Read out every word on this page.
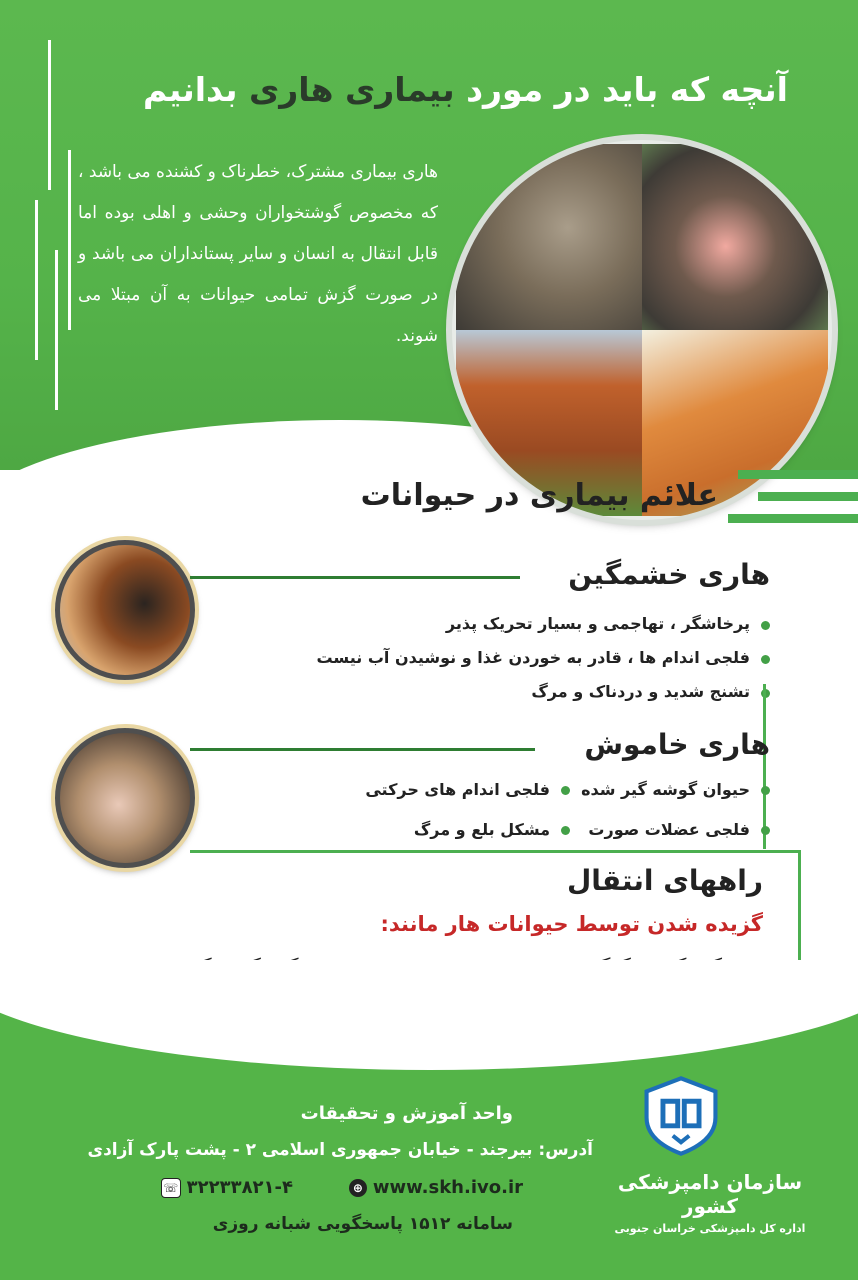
آنچه که باید در مورد بیماری هاری بدانیم

هاری بیماری مشترک، خطرناک و کشنده می باشد ، که مخصوص گوشتخواران وحشی و اهلی بوده اما قابل انتقال به انسان و سایر پستانداران می باشد و در صورت گزش تمامی حیوانات به آن مبتلا می شوند.

علائم بیماری در حیوانات
هاری خشمگین
پرخاشگر ، تهاجمی و بسیار تحریک پذیر
فلجی اندام ها ، قادر به خوردن غذا و نوشیدن آب نیست
تشنج شدید و دردناک و مرگ
هاری خاموش
حیوان گوشه گیر شده
فلجی اندام های حرکتی
فلجی عضلات صورت
مشکل بلع و مرگ
راههای انتقال

گزیده شدن توسط حیوانات هار مانند:

واحد آموزش و تحقیقات
آدرس: بیرجند - خیابان جمهوری اسلامی ۲ - پشت پارک آزادی
www.skh.ivo.ir⊕
۳۲۲۳۳۸۲۱-۴☏
سامانه ۱۵۱۲ پاسخگویی شبانه روزی
سازمان دامپزشکی کشور
اداره کل دامپزشکی خراسان جنوبی
